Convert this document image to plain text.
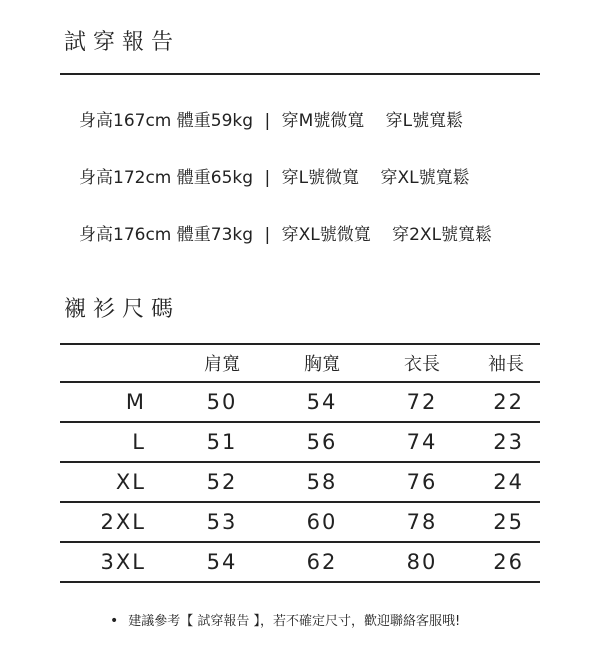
試穿報告
身高167cm 體重59kg | 穿M號微寬 穿L號寬鬆
身高172cm 體重65kg | 穿L號微寬 穿XL號寬鬆
身高176cm 體重73kg | 穿XL號微寬 穿2XL號寬鬆
襯衫尺碼
	肩寬	胸寬	衣長	袖長
M	50	54	72	22
L	51	56	74	23
XL	52	58	76	24
2XL	53	60	78	25
3XL	54	62	80	26
• 建議參考【 試穿報告 】，若不確定尺寸，歡迎聯絡客服哦!
